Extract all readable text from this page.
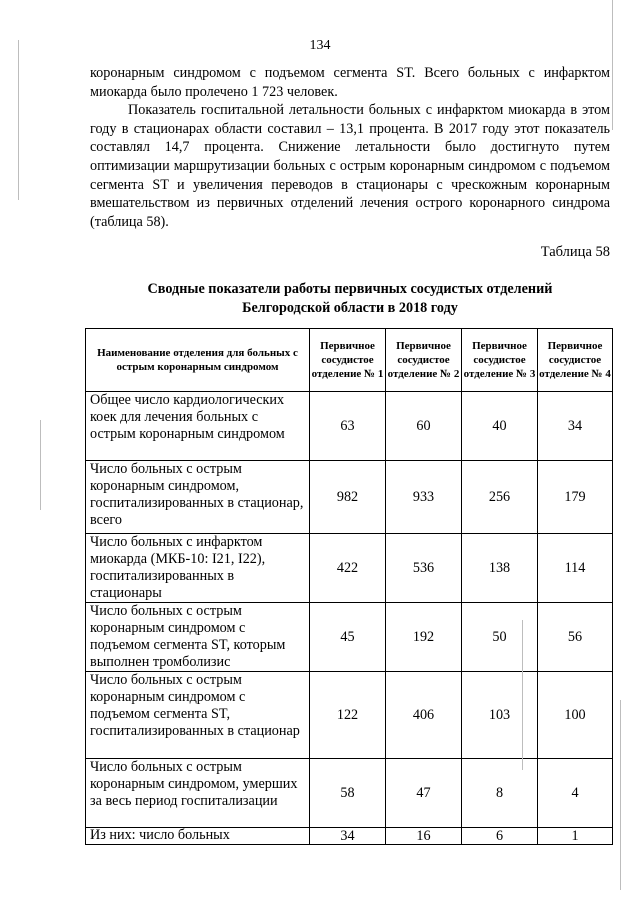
134

коронарным синдромом с подъемом сегмента ST. Всего больных с инфарктом миокарда было пролечено 1 723 человек.

Показатель госпитальной летальности больных с инфарктом миокарда в этом году в стационарах области составил – 13,1 процента. В 2017 году этот показатель составлял 14,7 процента. Снижение летальности было достигнуто путем оптимизации маршрутизации больных с острым коронарным синдромом с подъемом сегмента ST и увеличения переводов в стационары с чрескожным коронарным вмешательством из первичных отделений лечения острого коронарного синдрома (таблица 58).

Таблица 58
Сводные показатели работы первичных сосудистых отделений
Белгородской области в 2018 году
Наименование отделения для больных с острым коронарным синдромом	Первичное сосудистое отделение № 1	Первичное сосудистое отделение № 2	Первичное сосудистое отделение № 3	Первичное сосудистое отделение № 4
Общее число кардиологических коек для лечения больных с острым коронарным синдромом	63	60	40	34
Число больных с острым коронарным синдромом, госпитализированных в стационар, всего	982	933	256	179
Число больных с инфарктом миокарда (МКБ-10: I21, I22), госпитализированных в стационары	422	536	138	114
Число больных с острым коронарным синдромом с подъемом сегмента ST, которым выполнен тромболизис	45	192	50	56
Число больных с острым коронарным синдромом с подъемом сегмента ST, госпитализированных в стационар	122	406	103	100
Число больных с острым коронарным синдромом, умерших за весь период госпитализации	58	47	8	4
Из них: число больных	34	16	6	1
